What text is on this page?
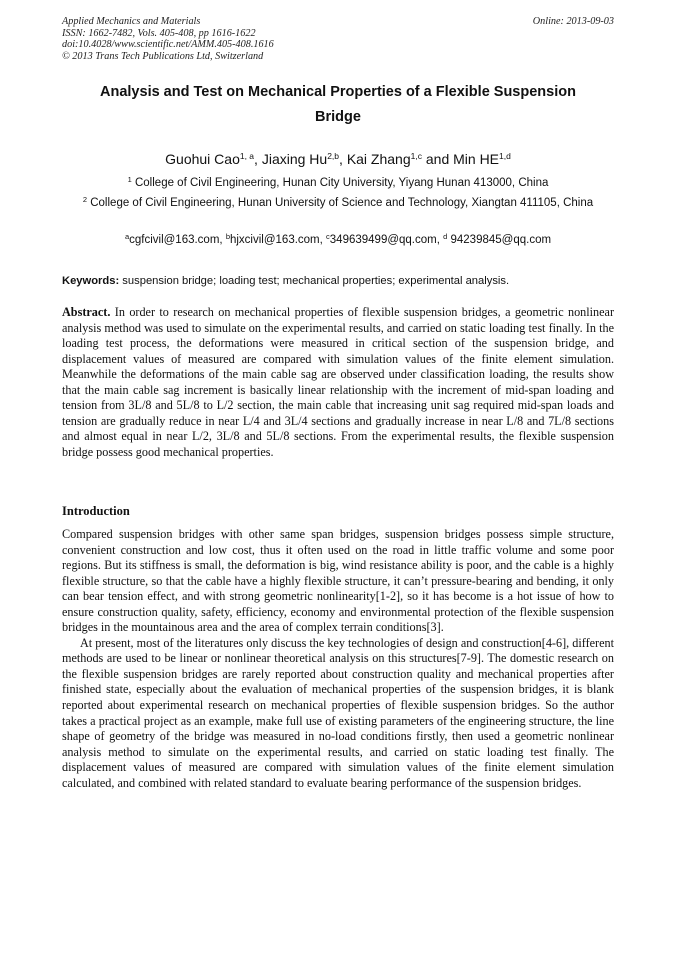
Applied Mechanics and Materials
ISSN: 1662-7482, Vols. 405-408, pp 1616-1622
doi:10.4028/www.scientific.net/AMM.405-408.1616
© 2013 Trans Tech Publications Ltd, Switzerland
Online: 2013-09-03
Analysis and Test on Mechanical Properties of a Flexible Suspension
Bridge
Guohui Cao$^{1, a}$, Jiaxing Hu$^{2,b}$, Kai Zhang$^{1,c}$ and Min HE$^{1,d}$
$^1$ College of Civil Engineering, Hunan City University, Yiyang Hunan 413000, China
$^2$ College of Civil Engineering, Hunan University of Science and Technology, Xiangtan 411105, China
$^a$cgfcivil@163.com, $^b$hjxcivil@163.com, $^c$349639499@qq.com, $^d$ 94239845@qq.com
Keywords: suspension bridge; loading test; mechanical properties; experimental analysis.
Abstract. In order to research on mechanical properties of flexible suspension bridges, a geometric nonlinear analysis method was used to simulate on the experimental results, and carried on static loading test finally. In the loading test process, the deformations were measured in critical section of the suspension bridge, and displacement values of measured are compared with simulation values of the finite element simulation. Meanwhile the deformations of the main cable sag are observed under classification loading, the results show that the main cable sag increment is basically linear relationship with the increment of mid-span loading and tension from 3L/8 and 5L/8 to L/2 section, the main cable that increasing unit sag required mid-span loads and tension are gradually reduce in near L/4 and 3L/4 sections and gradually increase in near L/8 and 7L/8 sections and almost equal in near L/2, 3L/8 and 5L/8 sections. From the experimental results, the flexible suspension bridge possess good mechanical properties.
Introduction

Compared suspension bridges with other same span bridges, suspension bridges possess simple structure, convenient construction and low cost, thus it often used on the road in little traffic volume and some poor regions. But its stiffness is small, the deformation is big, wind resistance ability is poor, and the cable is a highly flexible structure, so that the cable have a highly flexible structure, it can’t pressure-bearing and bending, it only can bear tension effect, and with strong geometric nonlinearity[1-2], so it has become is a hot issue of how to ensure construction quality, safety, efficiency, economy and environmental protection of the flexible suspension bridges in the mountainous area and the area of complex terrain conditions[3].

At present, most of the literatures only discuss the key technologies of design and construction[4-6], different methods are used to be linear or nonlinear theoretical analysis on this structures[7-9]. The domestic research on the flexible suspension bridges are rarely reported about construction quality and mechanical properties after finished state, especially about the evaluation of mechanical properties of the suspension bridges, it is blank reported about experimental research on mechanical properties of flexible suspension bridges. So the author takes a practical project as an example, make full use of existing parameters of the engineering structure, the line shape of geometry of the bridge was measured in no-load conditions firstly, then used a geometric nonlinear analysis method to simulate on the experimental results, and carried on static loading test finally. The displacement values of measured are compared with simulation values of the finite element simulation calculated, and combined with related standard to evaluate bearing performance of the suspension bridges.
